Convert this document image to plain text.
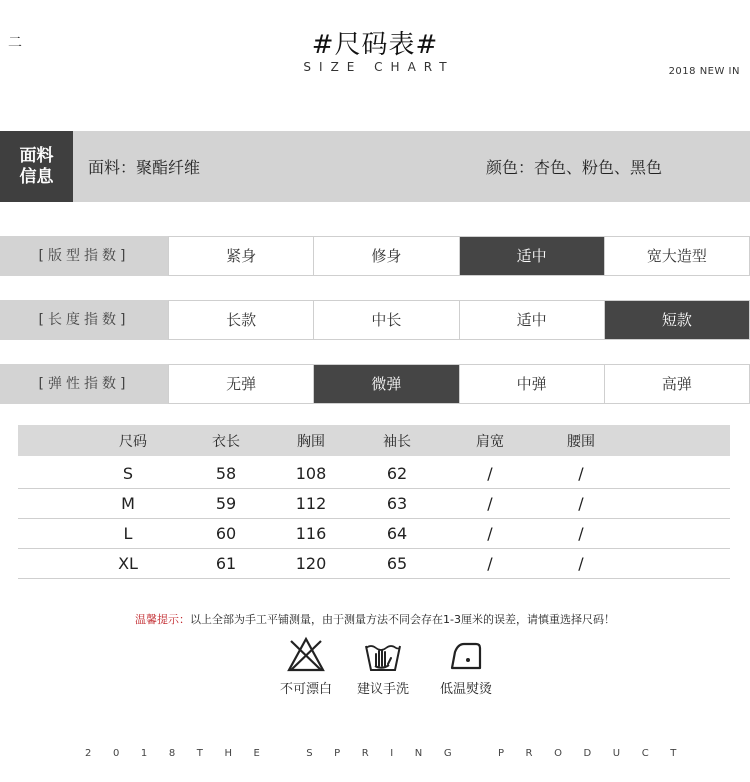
二	#尺码表#
SIZE CHART	2018 NEW IN
面料
信息	面料：聚酯纤维	颜色：杏色、粉色、黑色
[版型指数]	紧身	修身	适中	宽大造型
[长度指数]	长款	中长	适中	短款
[弹性指数]	无弹	微弹	中弹	高弹
尺码	衣长	胸围	袖长	肩宽	腰围
S	58	108	62	/	/
M	59	112	63	/	/
L	60	116	64	/	/
XL	61	120	65	/	/
温馨提示：以上全部为手工平铺测量，由于测量方法不同会存在1-3厘米的误差，请慎重选择尺码！
不可漂白	建议手洗	低温熨烫
2 0 1 8 T H E   S P R I N G   P R O D U C T
